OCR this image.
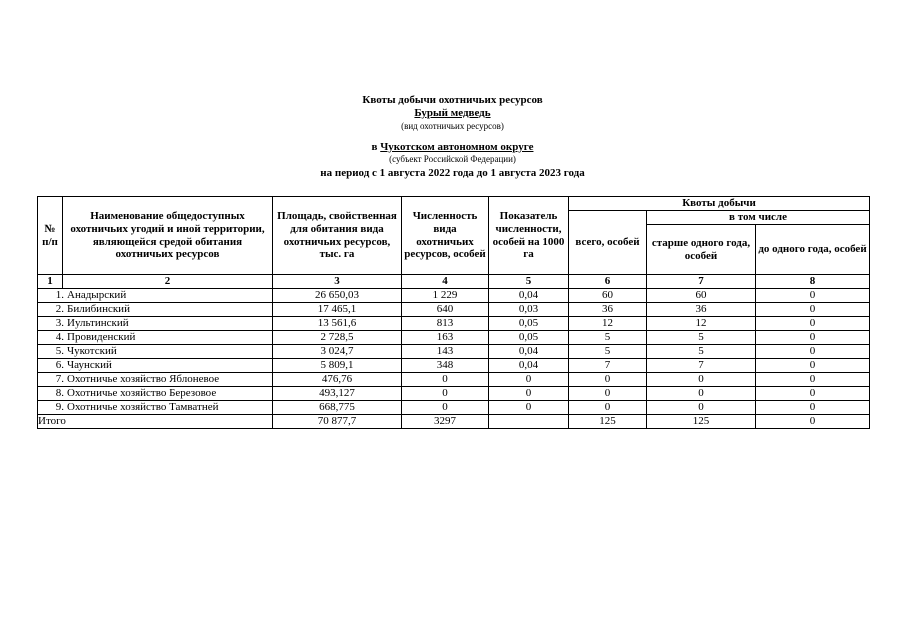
Квоты добычи охотничьих ресурсов
Бурый медведь
(вид охотничьих ресурсов)
в Чукотском автономном округе
(субъект Российской Федерации)
на период с 1 августа 2022 года до 1 августа 2023 года
№ п/п	Наименование общедоступных охотничьих угодий и иной территории, являющейся средой обитания охотничьих ресурсов	Площадь, свойственная для обитания вида охотничьих ресурсов, тыс. га	Численность вида охотничьих ресурсов, особей	Показатель численности, особей на 1000 га	Квоты добычи		
					всего, особей	в том числе	
						старше одного года, особей	до одного года, особей
1	2	3	4	5	6	7	8
1. Анадырский		26 650,03	1 229	0,04	60	60	0
2. Билибинский		17 465,1	640	0,03	36	36	0
3. Иультинский		13 561,6	813	0,05	12	12	0
4. Провиденский		2 728,5	163	0,05	5	5	0
5. Чукотский		3 024,7	143	0,04	5	5	0
6. Чаунский		5 809,1	348	0,04	7	7	0
7. Охотничье хозяйство Яблоневое		476,76	0	0	0	0	0
8. Охотничье хозяйство Березовое		493,127	0	0	0	0	0
9. Охотничье хозяйство Тамватней		668,775	0	0	0	0	0
Итого		70 877,7	3297		125	125	0
